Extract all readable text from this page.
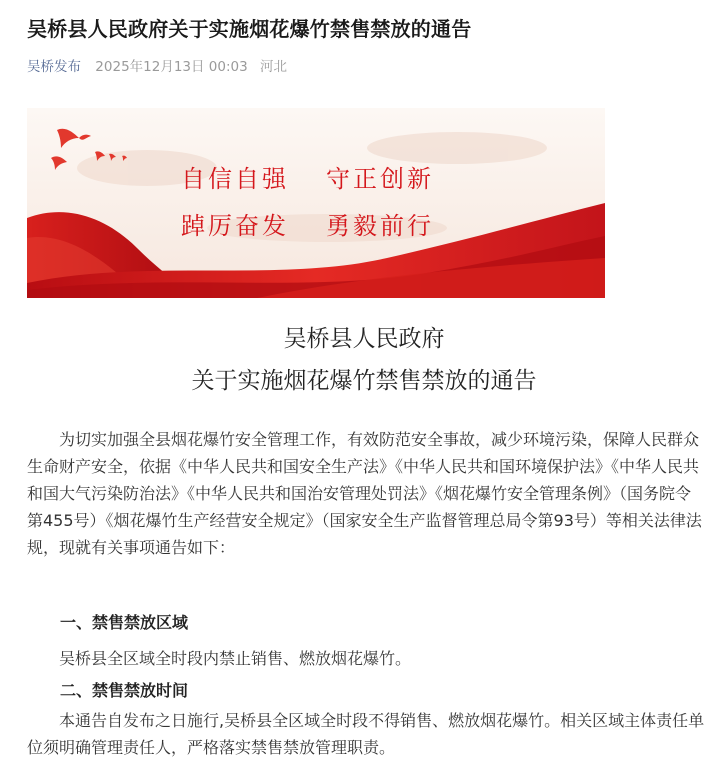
吴桥县人民政府关于实施烟花爆竹禁售禁放的通告
吴桥发布 2025年12月13日 00:03 河北
自信自强 守正创新
踔厉奋发 勇毅前行
吴桥县人民政府
关于实施烟花爆竹禁售禁放的通告

为切实加强全县烟花爆竹安全管理工作，有效防范安全事故，减少环境污染，保障人民群众生命财产安全，依据《中华人民共和国安全生产法》《中华人民共和国环境保护法》《中华人民共和国大气污染防治法》《中华人民共和国治安管理处罚法》《烟花爆竹安全管理条例》（国务院令第455号）《烟花爆竹生产经营安全规定》（国家安全生产监督管理总局令第93号）等相关法律法规，现就有关事项通告如下：

一、禁售禁放区域

吴桥县全区域全时段内禁止销售、燃放烟花爆竹。

二、禁售禁放时间

本通告自发布之日施行,吴桥县全区域全时段不得销售、燃放烟花爆竹。相关区域主体责任单位须明确管理责任人，严格落实禁售禁放管理职责。
